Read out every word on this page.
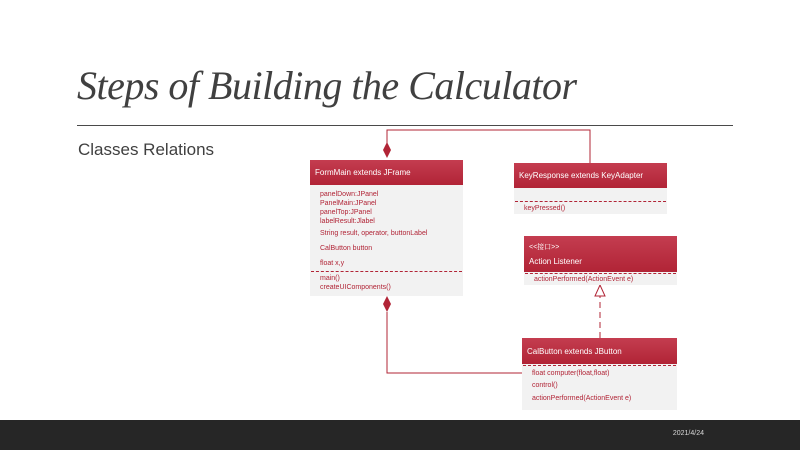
Steps of Building the Calculator
Classes Relations
FormMain extends JFrame
panelDown:JPanel
PanelMain:JPanel
panelTop:JPanel
labelResult:Jlabel
String result, operator, buttonLabel
CalButton button
float x,y
main()
createUIComponents()
KeyResponse extends KeyAdapter
keyPressed()
<<接口>>
Action Listener
actionPerformed(ActionEvent e)
CalButton extends JButton
float computer(float,float)
control()
actionPerformed(ActionEvent e)
2021/4/24
